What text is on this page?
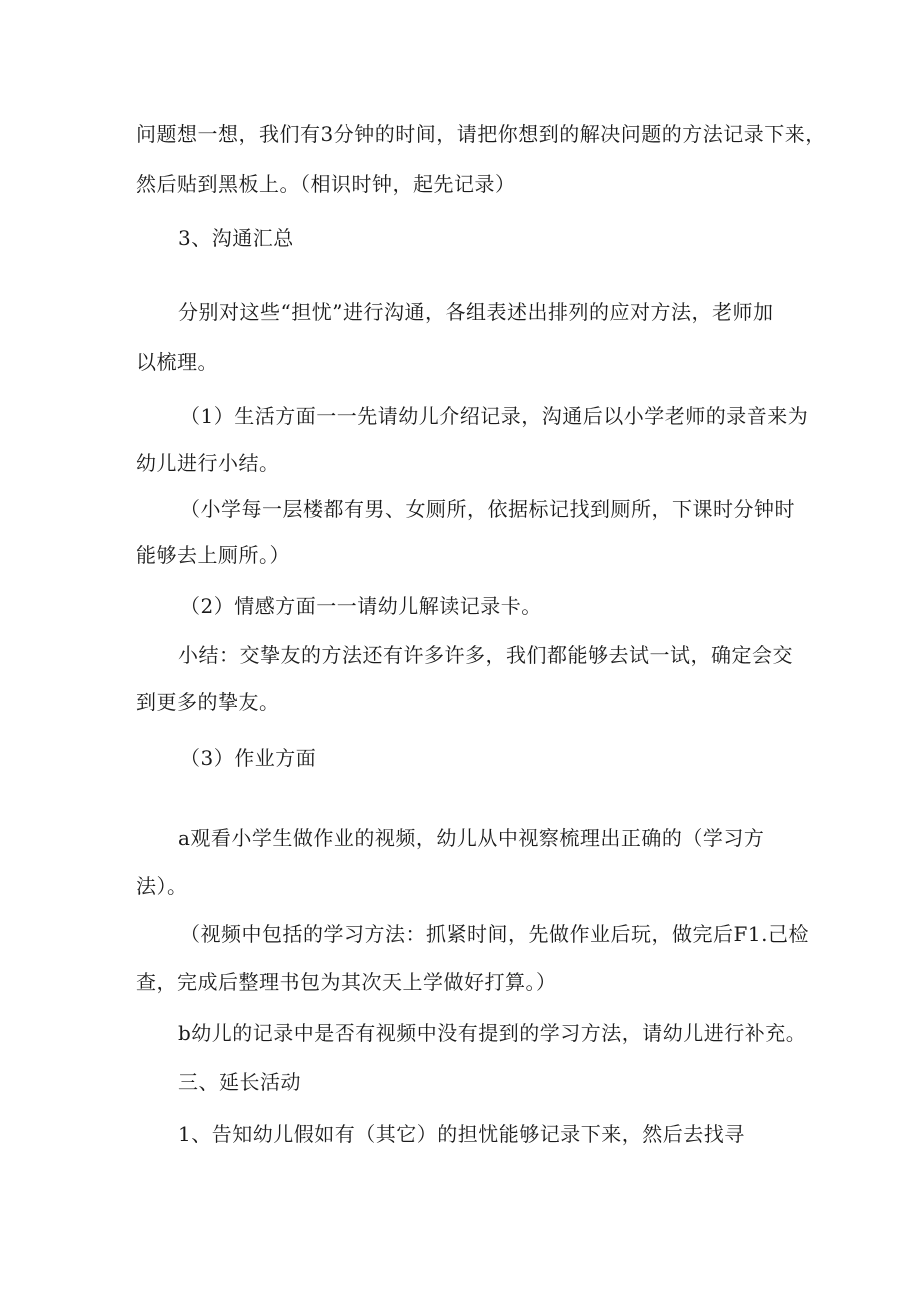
问题想一想，我们有3分钟的时间，请把你想到的解决问题的方法记录下来，
然后贴到黑板上。（相识时钟，起先记录）
3、沟通汇总
分别对这些“担忧”进行沟通，各组表述出排列的应对方法，老师加
以梳理。
（1）生活方面一一先请幼儿介绍记录，沟通后以小学老师的录音来为
幼儿进行小结。
（小学每一层楼都有男、女厕所，依据标记找到厕所，下课时分钟时
能够去上厕所。）
（2）情感方面一一请幼儿解读记录卡。
小结：交挚友的方法还有许多许多，我们都能够去试一试，确定会交
到更多的挚友。
（3）作业方面
a观看小学生做作业的视频，幼儿从中视察梳理出正确的（学习方
法）。
（视频中包括的学习方法：抓紧时间，先做作业后玩，做完后F1.己检
查，完成后整理书包为其次天上学做好打算。）
b幼儿的记录中是否有视频中没有提到的学习方法，请幼儿进行补充。
三、延长活动
1、告知幼儿假如有（其它）的担忧能够记录下来，然后去找寻
